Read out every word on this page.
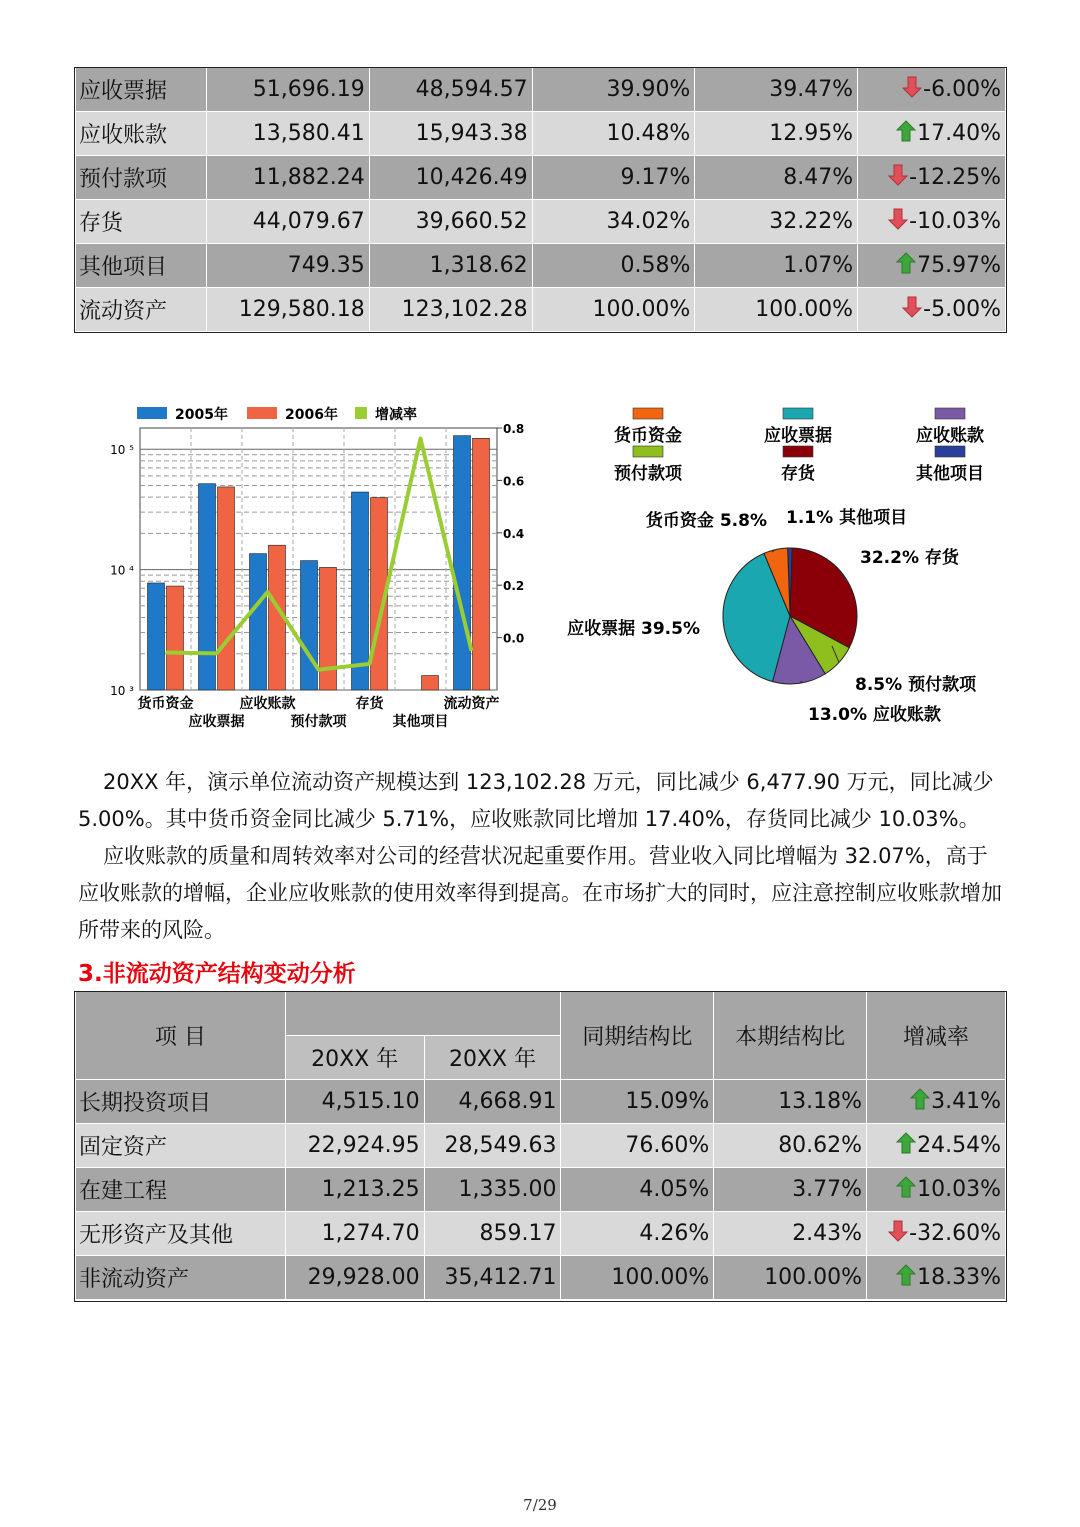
应收票据	51,696.19	48,594.57	39.90%	39.47%	-6.00%
应收账款	13,580.41	15,943.38	10.48%	12.95%	17.40%
预付款项	11,882.24	10,426.49	9.17%	8.47%	-12.25%
存货	44,079.67	39,660.52	34.02%	32.22%	-10.03%
其他项目	749.35	1,318.62	0.58%	1.07%	75.97%
流动资产	129,580.18	123,102.28	100.00%	100.00%	-5.00%
2005年	2006年	增减率
10 ³
10 ⁴
10 ⁵
0.8
0.6
0.4
0.2
0.0
货币资金
应收票据
应收账款
预付款项
存货
其他项目
流动资产
货币资金	应收票据	应收账款
预付款项	存货	其他项目
1.1% 其他项目
32.2% 存货
8.5% 预付款项
13.0% 应收账款
应收票据 39.5%
货币资金 5.8%

20XX 年，演示单位流动资产规模达到 123,102.28 万元，同比减少 6,477.90 万元，同比减少 5.00%。其中货币资金同比减少 5.71%，应收账款同比增加 17.40%，存货同比减少 10.03%。

应收账款的质量和周转效率对公司的经营状况起重要作用。营业收入同比增幅为 32.07%，高于应收账款的增幅，企业应收账款的使用效率得到提高。在市场扩大的同时，应注意控制应收账款增加所带来的风险。

3.非流动资产结构变动分析
项 目			同期结构比	本期结构比	增减率
	20XX 年	20XX 年			
长期投资项目	4,515.10	4,668.91	15.09%	13.18%	3.41%
固定资产	22,924.95	28,549.63	76.60%	80.62%	24.54%
在建工程	1,213.25	1,335.00	4.05%	3.77%	10.03%
无形资产及其他	1,274.70	859.17	4.26%	2.43%	-32.60%
非流动资产	29,928.00	35,412.71	100.00%	100.00%	18.33%
7/29
